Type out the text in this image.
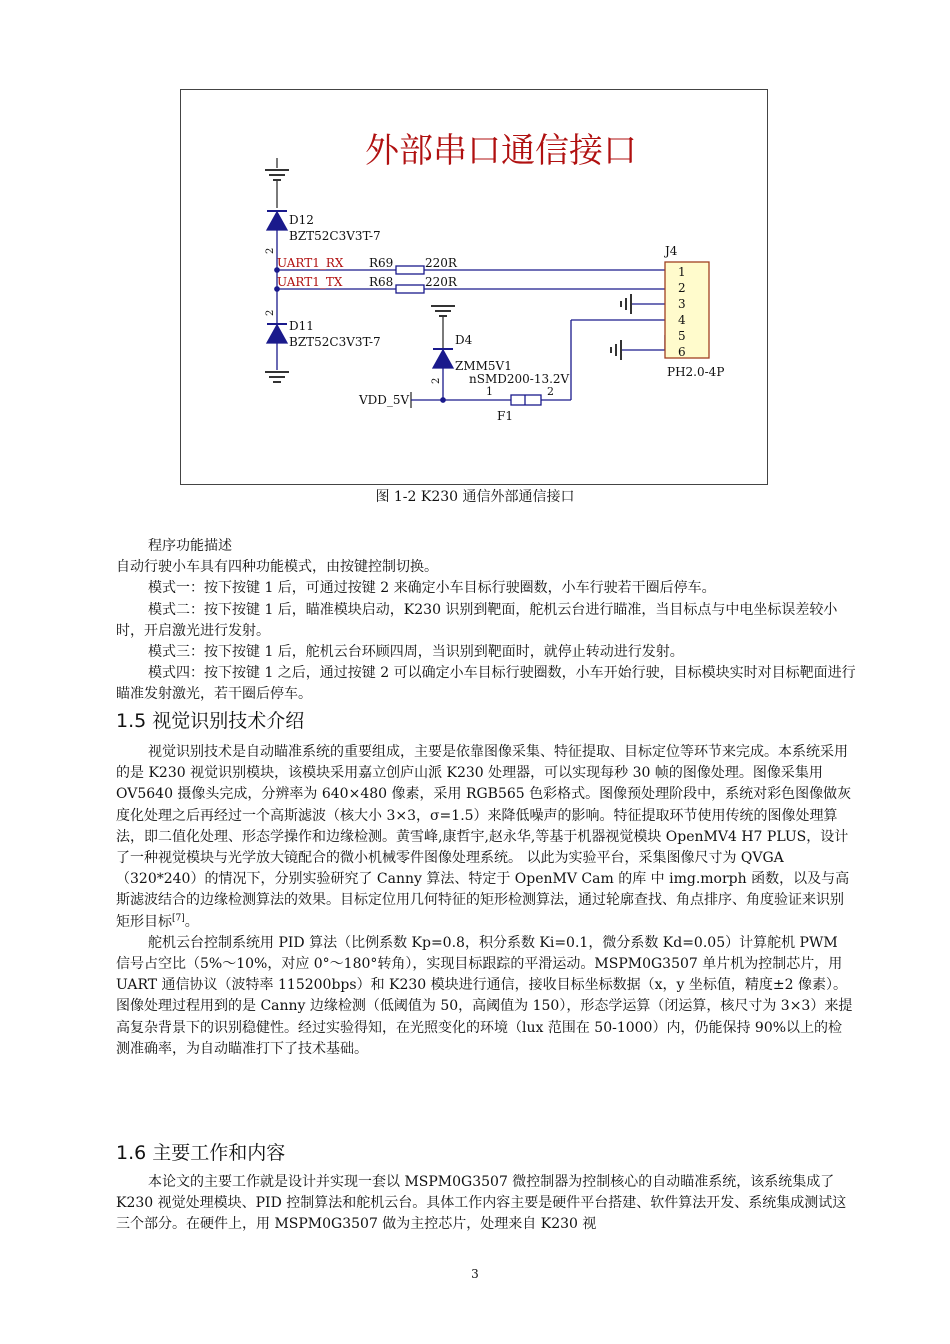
外部串口通信接口
D12
BZT52C3V3T-7
2
UART1_RX
UART1_TX
R69	220R
R68	220R
D11
BZT52C3V3T-7
2
D4
ZMM5V1
2
VDD_5V
nSMD200-13.2V
1	2
F1
J4
1
2
3
4
5
6
PH2.0-4P
图 1-2 K230 通信外部通信接口

程序功能描述

自动行驶小车具有四种功能模式，由按键控制切换。

模式一：按下按键 1 后，可通过按键 2 来确定小车目标行驶圈数，小车行驶若干圈后停车。

模式二：按下按键 1 后，瞄准模块启动，K230 识别到靶面，舵机云台进行瞄准，当目标点与中电坐标误差较小时，开启激光进行发射。

模式三：按下按键 1 后，舵机云台环顾四周，当识别到靶面时，就停止转动进行发射。

模式四：按下按键 1 之后，通过按键 2 可以确定小车目标行驶圈数，小车开始行驶，目标模块实时对目标靶面进行瞄准发射激光，若干圈后停车。

1.5 视觉识别技术介绍

视觉识别技术是自动瞄准系统的重要组成，主要是依靠图像采集、特征提取、目标定位等环节来完成。本系统采用的是 K230 视觉识别模块，该模块采用嘉立创庐山派 K230 处理器，可以实现每秒 30 帧的图像处理。图像采集用 OV5640 摄像头完成，分辨率为 640×480 像素，采用 RGB565 色彩格式。图像预处理阶段中，系统对彩色图像做灰度化处理之后再经过一个高斯滤波（核大小 3×3，σ=1.5）来降低噪声的影响。特征提取环节使用传统的图像处理算法，即二值化处理、形态学操作和边缘检测。黄雪峰,康哲宇,赵永华,等基于机器视觉模块 OpenMV4 H7 PLUS，设计了一种视觉模块与光学放大镜配合的微小机械零件图像处理系统。 以此为实验平台，采集图像尺寸为 QVGA（320*240）的情况下，分别实验研究了 Canny 算法、特定于 OpenMV Cam 的库 中 img.morph 函数，以及与高斯滤波结合的边缘检测算法的效果。目标定位用几何特征的矩形检测算法，通过轮廓查找、角点排序、角度验证来识别矩形目标[7]。

舵机云台控制系统用 PID 算法（比例系数 Kp=0.8，积分系数 Ki=0.1，微分系数 Kd=0.05）计算舵机 PWM 信号占空比（5%～10%，对应 0°～180°转角），实现目标跟踪的平滑运动。MSPM0G3507 单片机为控制芯片，用 UART 通信协议（波特率 115200bps）和 K230 模块进行通信，接收目标坐标数据（x，y 坐标值，精度±2 像素）。图像处理过程用到的是 Canny 边缘检测（低阈值为 50，高阈值为 150），形态学运算（闭运算，核尺寸为 3×3）来提高复杂背景下的识别稳健性。经过实验得知，在光照变化的环境（lux 范围在 50-1000）内，仍能保持 90%以上的检测准确率，为自动瞄准打下了技术基础。

1.6 主要工作和内容

本论文的主要工作就是设计并实现一套以 MSPM0G3507 微控制器为控制核心的自动瞄准系统，该系统集成了 K230 视觉处理模块、PID 控制算法和舵机云台。具体工作内容主要是硬件平台搭建、软件算法开发、系统集成测试这三个部分。在硬件上，用 MSPM0G3507 做为主控芯片，处理来自 K230 视

3
